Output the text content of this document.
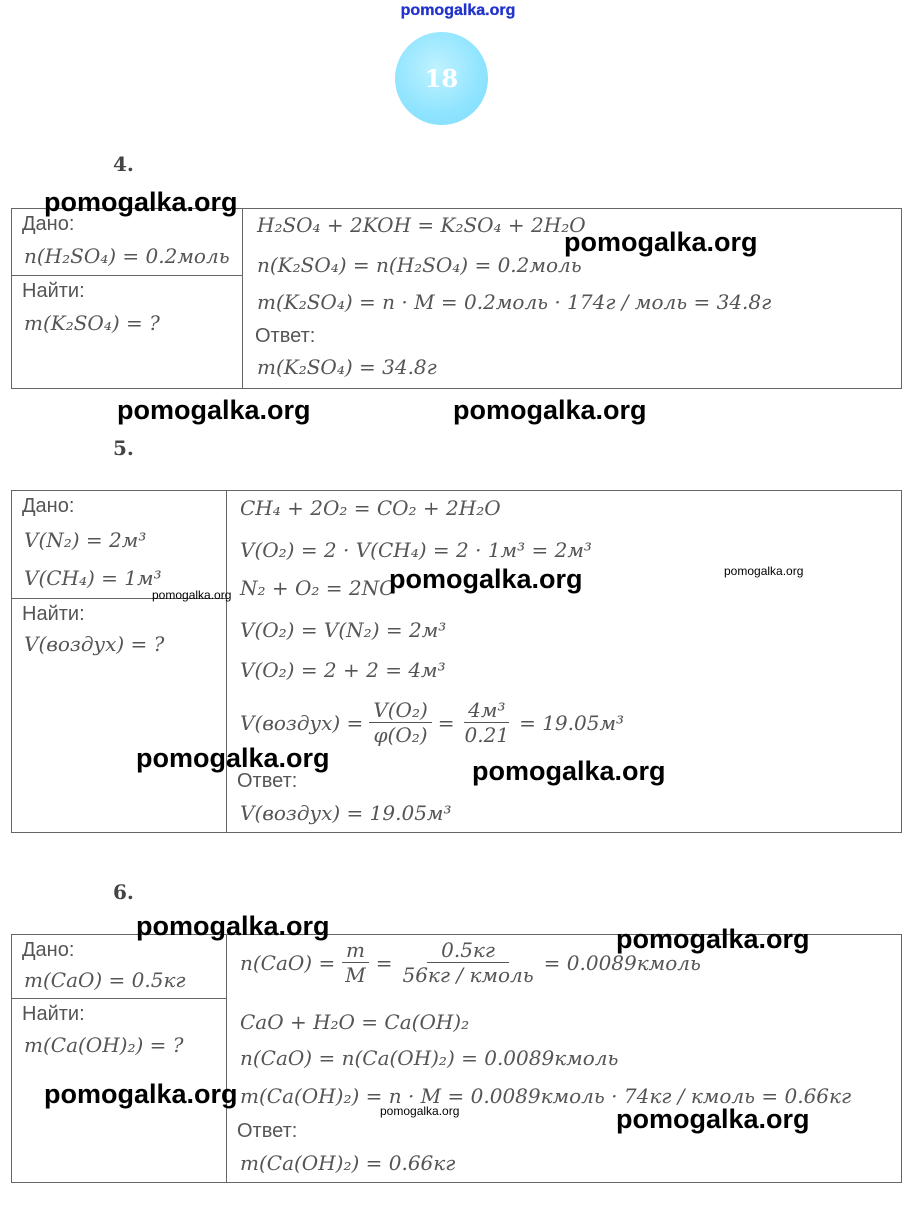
pomogalka.org
18
4.
Дано:
n(H₂SO₄) = 0.2моль
Найти:
m(K₂SO₄) = ?
H₂SO₄ + 2KOH = K₂SO₄ + 2H₂O
n(K₂SO₄) = n(H₂SO₄) = 0.2моль
m(K₂SO₄) = n · M = 0.2моль · 174г / моль = 34.8г
Ответ:
m(K₂SO₄) = 34.8г
5.
Дано:
V(N₂) = 2м³
V(CH₄) = 1м³
Найти:
V(воздух) = ?
CH₄ + 2O₂ = CO₂ + 2H₂O
V(O₂) = 2 · V(CH₄) = 2 · 1м³ = 2м³
N₂ + O₂ = 2NO
V(O₂) = V(N₂) = 2м³
V(O₂) = 2 + 2 = 4м³
V(воздух) = $\frac{\text{V(O₂)}}{\text{φ(O₂)}} = \frac{\text{4м³}}{0.21} = 19.05м^3$
Ответ:
V(воздух) = 19.05м³
6.
Дано:
m(CaO) = 0.5кг
Найти:
m(Ca(OH)₂) = ?
$n(CaO) = \frac{m}{M} = \frac{0.5кг}{\text{56кг / кмоль}}$ = 0.0089кмоль
CaO + H₂O = Ca(OH)₂
n(CaO) = n(Ca(OH)₂) = 0.0089кмоль
m(Ca(OH)₂) = n · M = 0.0089кмоль · 74кг / кмоль = 0.66кг
Ответ:
m(Ca(OH)₂) = 0.66кг
pomogalka.org
pomogalka.org
pomogalka.org	pomogalka.org
pomogalka.org	pomogalka.org
pomogalka.org
pomogalka.org	pomogalka.org
pomogalka.org	pomogalka.org
pomogalka.org
pomogalka.org	pomogalka.org
